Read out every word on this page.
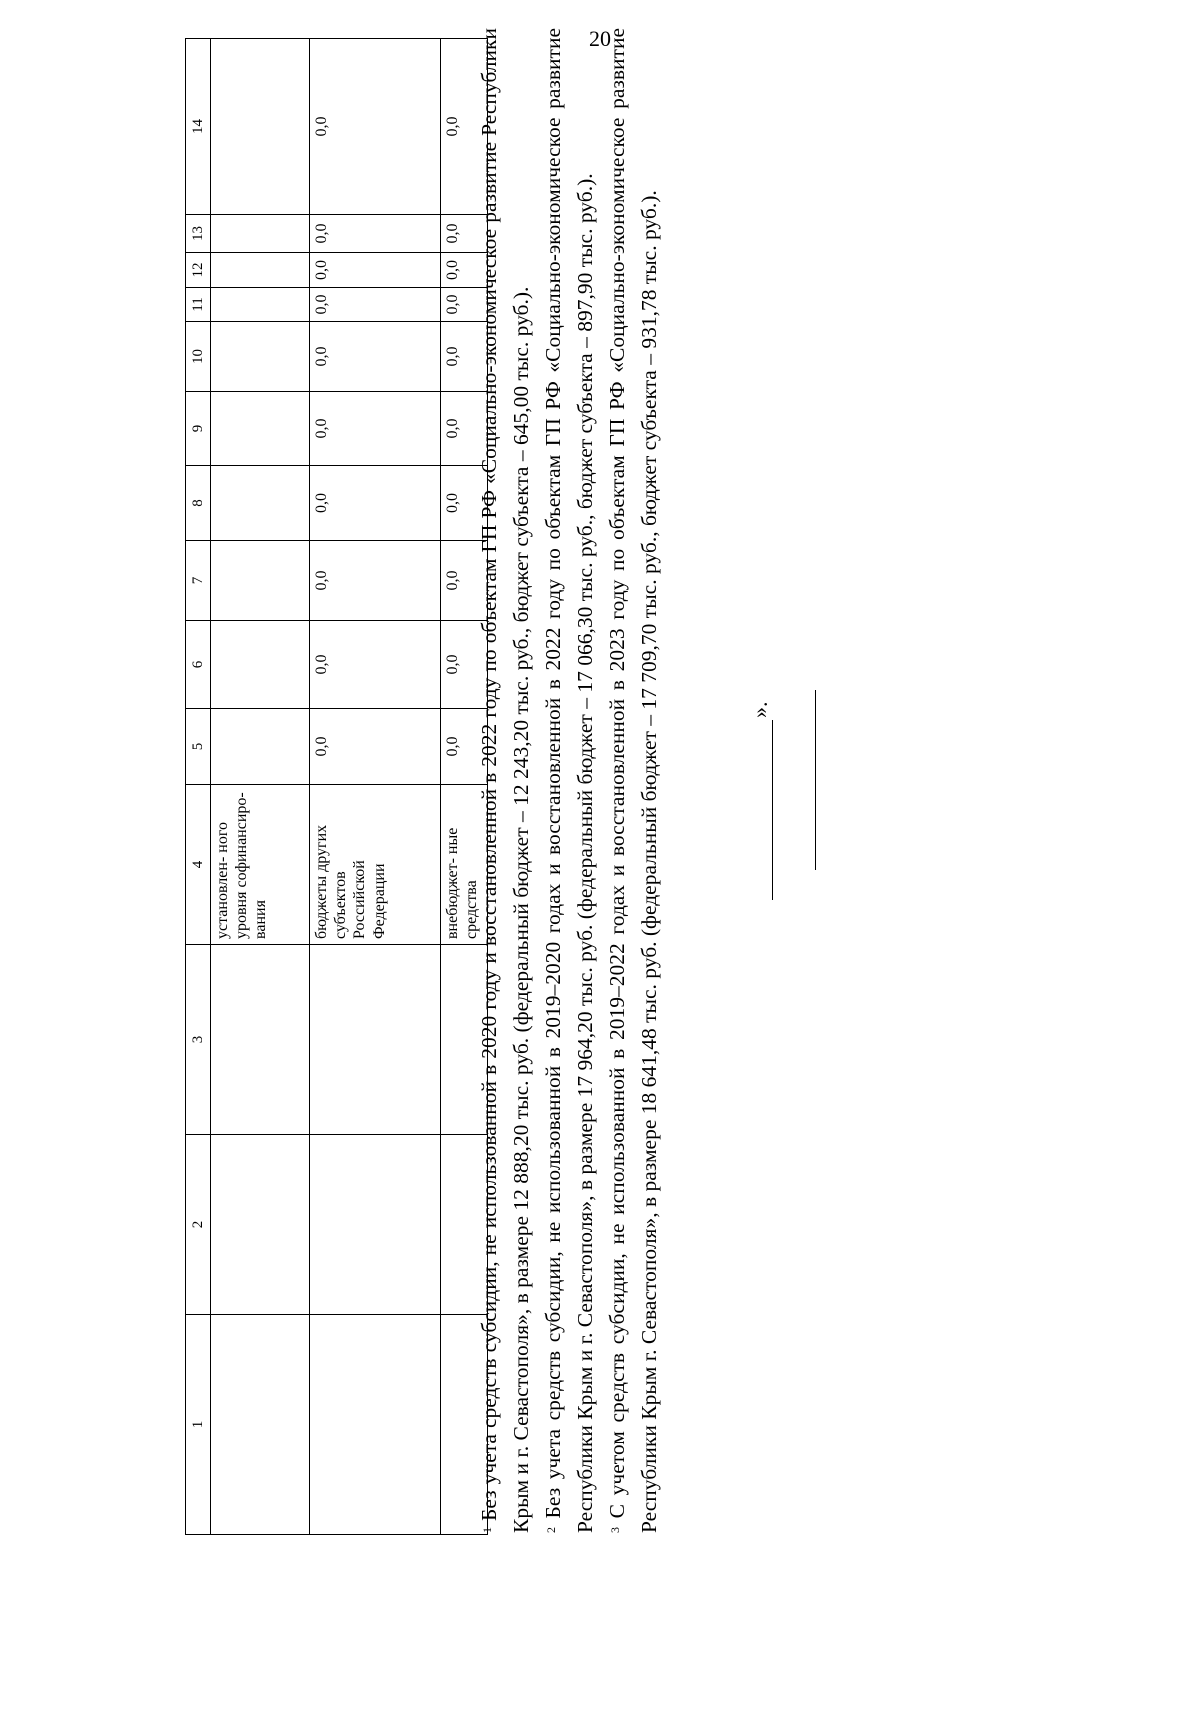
20
1	2	3	4	5	6	7	8	9	10	11	12	13	14
			установлен- ного уровня софинансиро- вания										
			бюджеты других субъектов Российской Федерации	0,0	0,0	0,0	0,0	0,0	0,0	0,0	0,0	0,0	0,0
			внебюджет- ные средства	0,0	0,0	0,0	0,0	0,0	0,0	0,0	0,0	0,0	0,0

$^1$ Без учета средств субсидии, не использованной в 2020 году и восстановленной в 2022 году по объектам ГП РФ «Социально-экономическое развитие Республики Крым и г. Севастополя», в размере 12 888,20 тыс. руб. (федеральный бюджет – 12 243,20 тыс. руб., бюджет субъекта – 645,00 тыс. руб.). $^2$ Без учета средств субсидии, не использованной в 2019–2020 годах и восстановленной в 2022 году по объектам ГП РФ «Социально-экономическое развитие Республики Крым и г. Севастополя», в размере 17 964,20 тыс. руб. (федеральный бюджет – 17 066,30 тыс. руб., бюджет субъекта – 897,90 тыс. руб.). $^3$ С учетом средств субсидии, не использованной в 2019–2022 годах и восстановленной в 2023 году по объектам ГП РФ «Социально-экономическое развитие Республики Крым г. Севастополя», в размере 18 641,48 тыс. руб. (федеральный бюджет – 17 709,70 тыс. руб., бюджет субъекта – 931,78 тыс. руб.).	».
